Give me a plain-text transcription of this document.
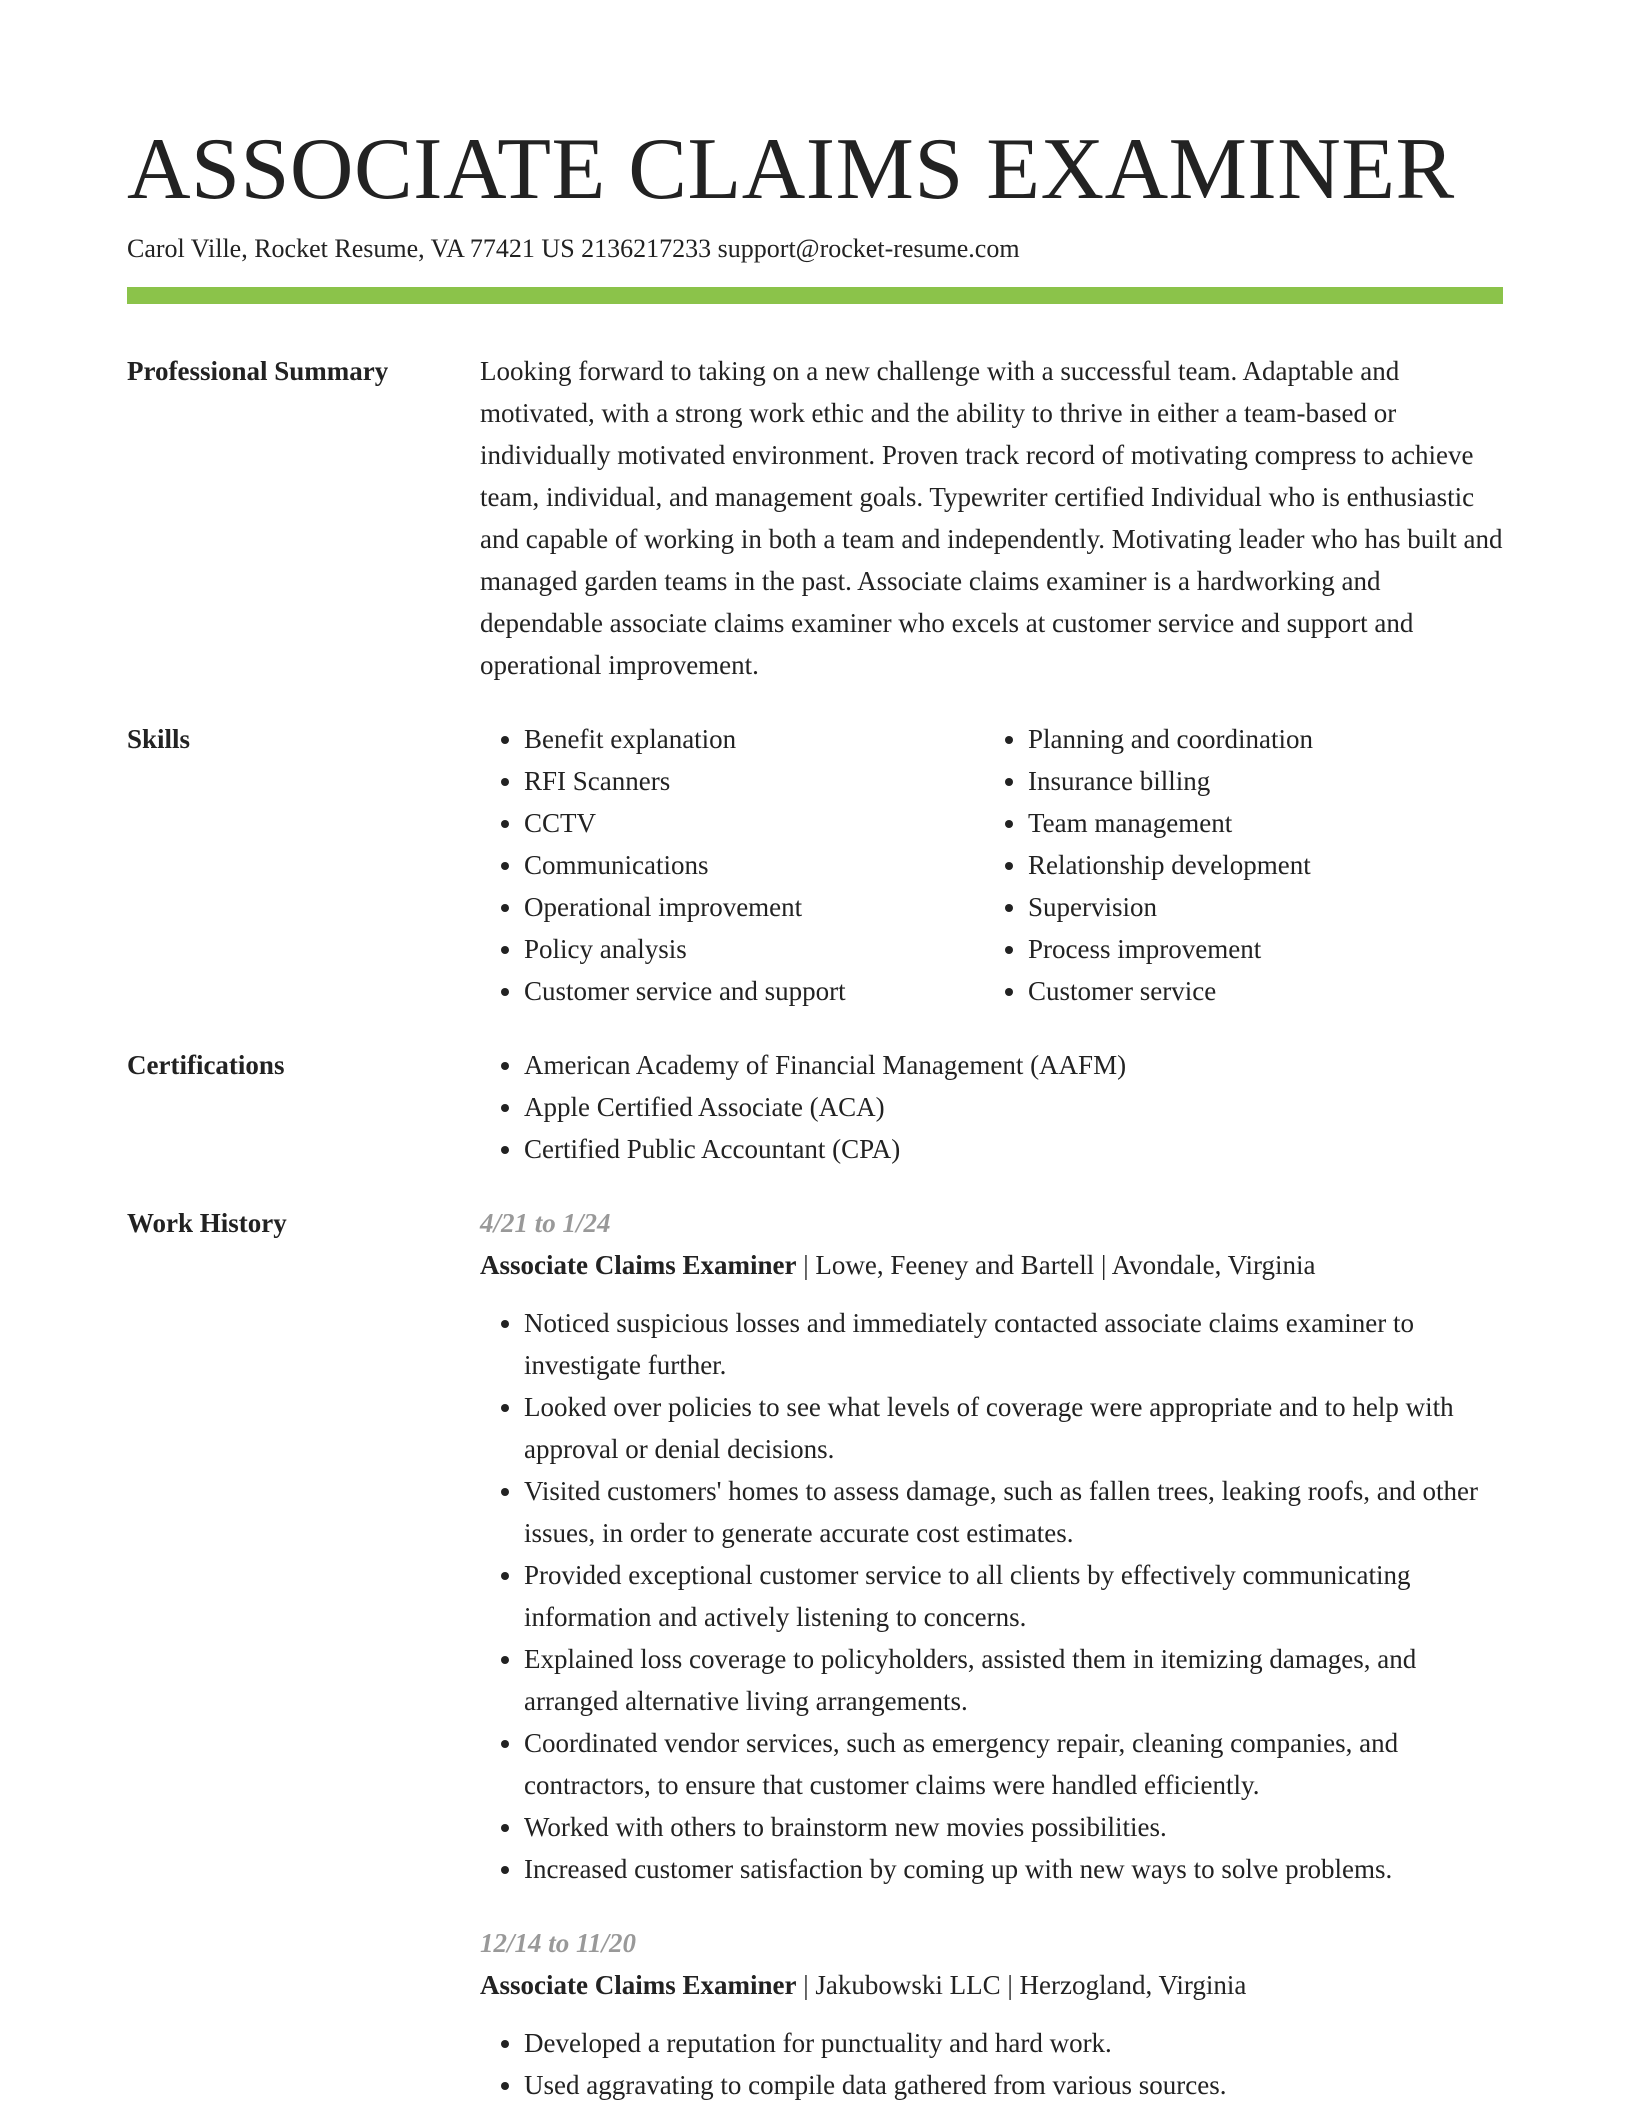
ASSOCIATE CLAIMS EXAMINER
Carol Ville, Rocket Resume, VA 77421 US 2136217233 support@rocket-resume.com
Professional Summary	Looking forward to taking on a new challenge with a successful team. Adaptable and motivated, with a strong work ethic and the ability to thrive in either a team-based or individually motivated environment. Proven track record of motivating compress to achieve team, individual, and management goals. Typewriter certified Individual who is enthusiastic and capable of working in both a team and independently. Motivating leader who has built and managed garden teams in the past. Associate claims examiner is a hardworking and dependable associate claims examiner who excels at customer service and support and operational improvement.
Skills	• Benefit explanation
• RFI Scanners
• CCTV
• Communications
• Operational improvement
• Policy analysis
• Customer service and support
• Planning and coordination
• Insurance billing
• Team management
• Relationship development
• Supervision
• Process improvement
• Customer service
Certifications	• American Academy of Financial Management (AAFM)
• Apple Certified Associate (ACA)
• Certified Public Accountant (CPA)
Work History	4/21 to 1/24
Associate Claims Examiner | Lowe, Feeney and Bartell | Avondale, Virginia
• Noticed suspicious losses and immediately contacted associate claims examiner to investigate further.
• Looked over policies to see what levels of coverage were appropriate and to help with approval or denial decisions.
• Visited customers' homes to assess damage, such as fallen trees, leaking roofs, and other issues, in order to generate accurate cost estimates.
• Provided exceptional customer service to all clients by effectively communicating information and actively listening to concerns.
• Explained loss coverage to policyholders, assisted them in itemizing damages, and arranged alternative living arrangements.
• Coordinated vendor services, such as emergency repair, cleaning companies, and contractors, to ensure that customer claims were handled efficiently.
• Worked with others to brainstorm new movies possibilities.
• Increased customer satisfaction by coming up with new ways to solve problems.
12/14 to 11/20
Associate Claims Examiner | Jakubowski LLC | Herzogland, Virginia
• Developed a reputation for punctuality and hard work.
• Used aggravating to compile data gathered from various sources.
